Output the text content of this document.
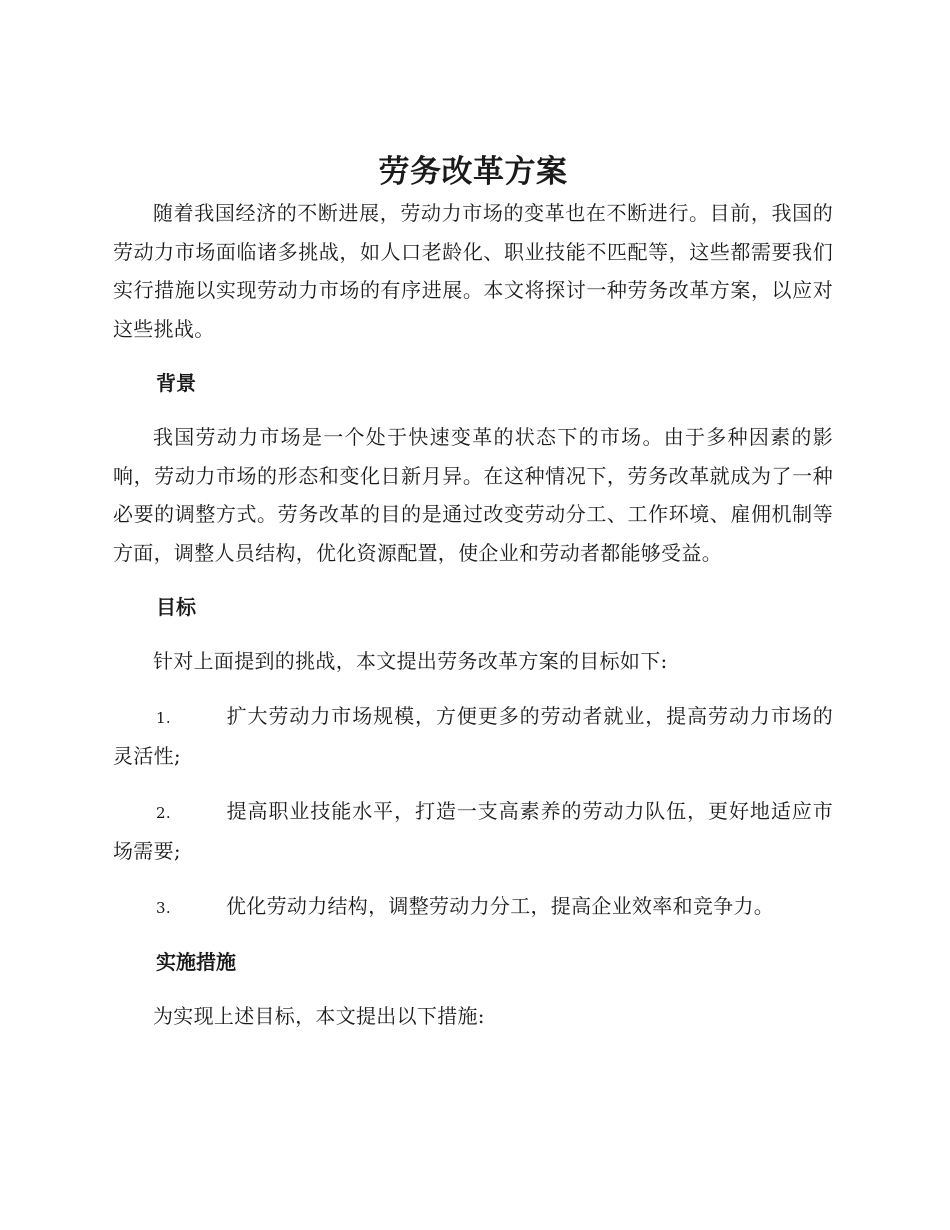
劳务改革方案

随着我国经济的不断进展，劳动力市场的变革也在不断进行。目前，我国的劳动力市场面临诸多挑战，如人口老龄化、职业技能不匹配等，这些都需要我们实行措施以实现劳动力市场的有序进展。本文将探讨一种劳务改革方案，以应对这些挑战。

背景

我国劳动力市场是一个处于快速变革的状态下的市场。由于多种因素的影响，劳动力市场的形态和变化日新月异。在这种情况下，劳务改革就成为了一种必要的调整方式。劳务改革的目的是通过改变劳动分工、工作环境、雇佣机制等方面，调整人员结构，优化资源配置，使企业和劳动者都能够受益。

目标

针对上面提到的挑战，本文提出劳务改革方案的目标如下:

1.	扩大劳动力市场规模，方便更多的劳动者就业，提高劳动力市场的灵活性;
2.	提高职业技能水平，打造一支高素养的劳动力队伍，更好地适应市场需要;
3.	优化劳动力结构，调整劳动力分工，提高企业效率和竞争力。
实施措施

为实现上述目标，本文提出以下措施:
